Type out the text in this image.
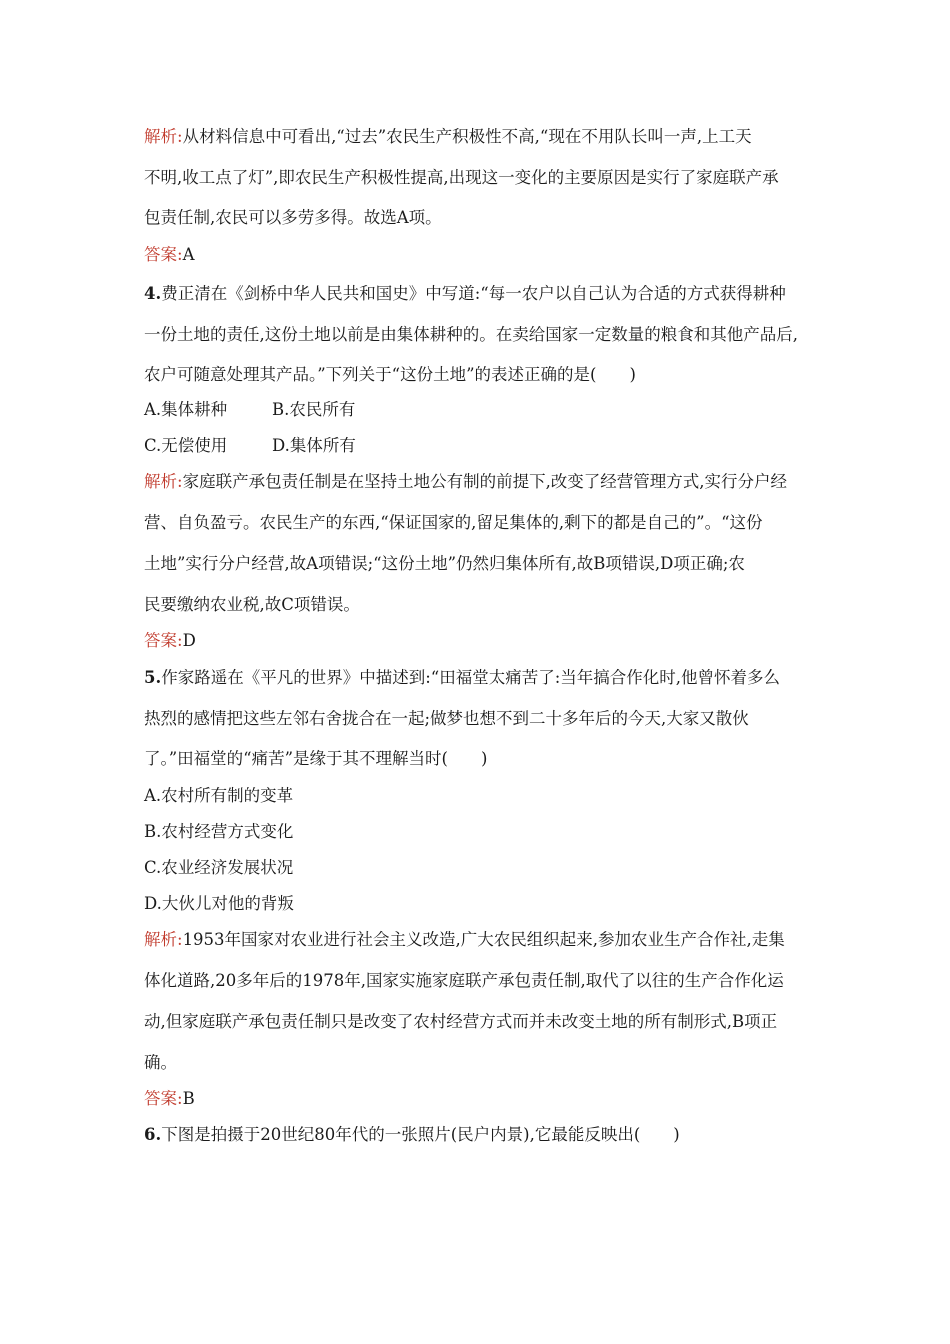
解析:从材料信息中可看出,“过去”农民生产积极性不高,“现在不用队长叫一声,上工天
不明,收工点了灯”,即农民生产积极性提高,出现这一变化的主要原因是实行了家庭联产承
包责任制,农民可以多劳多得。故选A项。
答案:A
4.费正清在《剑桥中华人民共和国史》中写道:“每一农户以自己认为合适的方式获得耕种
一份土地的责任,这份土地以前是由集体耕种的。在卖给国家一定数量的粮食和其他产品后,
农户可随意处理其产品。”下列关于“这份土地”的表述正确的是(　　)
A.集体耕种	B.农民所有
C.无偿使用	D.集体所有
解析:家庭联产承包责任制是在坚持土地公有制的前提下,改变了经营管理方式,实行分户经
营、自负盈亏。农民生产的东西,“保证国家的,留足集体的,剩下的都是自己的”。“这份
土地”实行分户经营,故A项错误;“这份土地”仍然归集体所有,故B项错误,D项正确;农
民要缴纳农业税,故C项错误。
答案:D
5.作家路遥在《平凡的世界》中描述到:“田福堂太痛苦了:当年搞合作化时,他曾怀着多么
热烈的感情把这些左邻右舍拢合在一起;做梦也想不到二十多年后的今天,大家又散伙
了。”田福堂的“痛苦”是缘于其不理解当时(　　)
A.农村所有制的变革
B.农村经营方式变化
C.农业经济发展状况
D.大伙儿对他的背叛
解析:1953年国家对农业进行社会主义改造,广大农民组织起来,参加农业生产合作社,走集
体化道路,20多年后的1978年,国家实施家庭联产承包责任制,取代了以往的生产合作化运
动,但家庭联产承包责任制只是改变了农村经营方式而并未改变土地的所有制形式,B项正
确。
答案:B
6.下图是拍摄于20世纪80年代的一张照片(民户内景),它最能反映出(　　)
